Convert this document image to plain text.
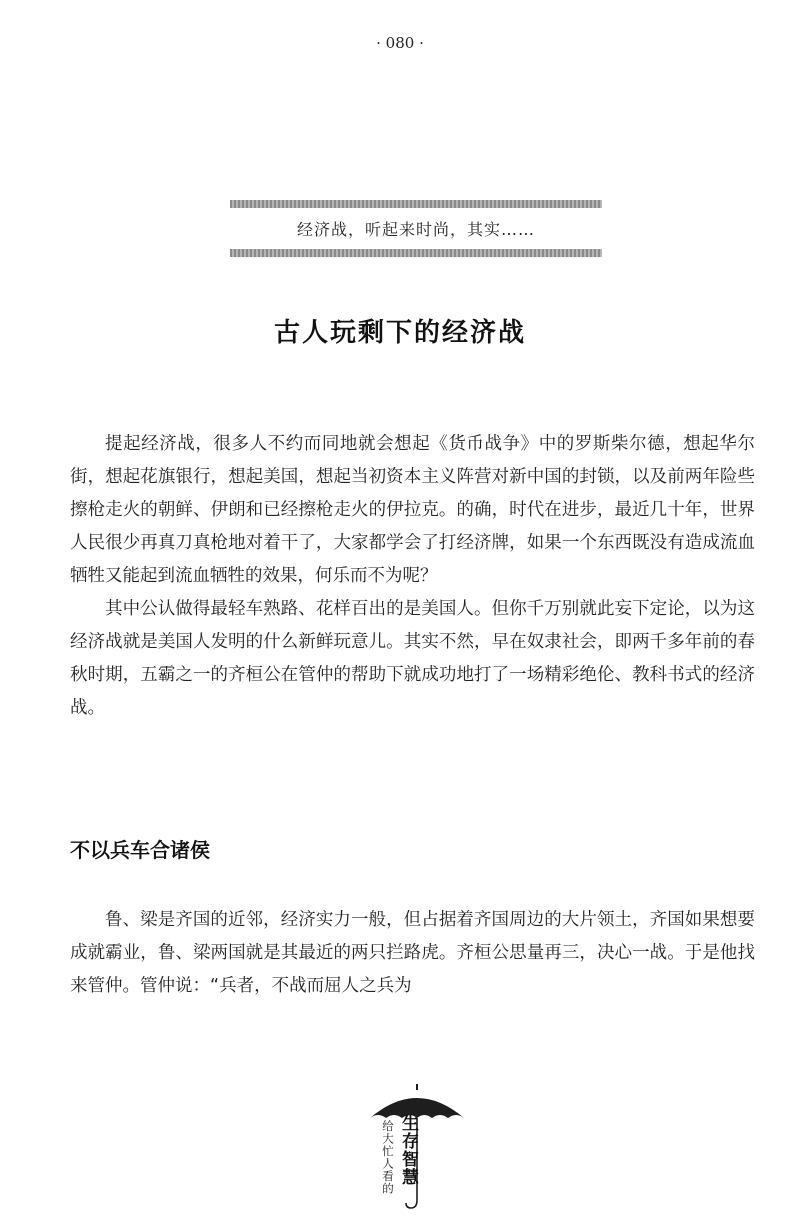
· 080 ·
经济战，听起来时尚，其实……
古人玩剩下的经济战

提起经济战，很多人不约而同地就会想起《货币战争》中的罗斯柴尔德，想起华尔街，想起花旗银行，想起美国，想起当初资本主义阵营对新中国的封锁，以及前两年险些擦枪走火的朝鲜、伊朗和已经擦枪走火的伊拉克。的确，时代在进步，最近几十年，世界人民很少再真刀真枪地对着干了，大家都学会了打经济牌，如果一个东西既没有造成流血牺牲又能起到流血牺牲的效果，何乐而不为呢？

其中公认做得最轻车熟路、花样百出的是美国人。但你千万别就此妄下定论，以为这经济战就是美国人发明的什么新鲜玩意儿。其实不然，早在奴隶社会，即两千多年前的春秋时期，五霸之一的齐桓公在管仲的帮助下就成功地打了一场精彩绝伦、教科书式的经济战。

不以兵车合诸侯

鲁、梁是齐国的近邻，经济实力一般，但占据着齐国周边的大片领土，齐国如果想要成就霸业，鲁、梁两国就是其最近的两只拦路虎。齐桓公思量再三，决心一战。于是他找来管仲。管仲说：“兵者，不战而屈人之兵为

给大忙人看的 生存智慧
